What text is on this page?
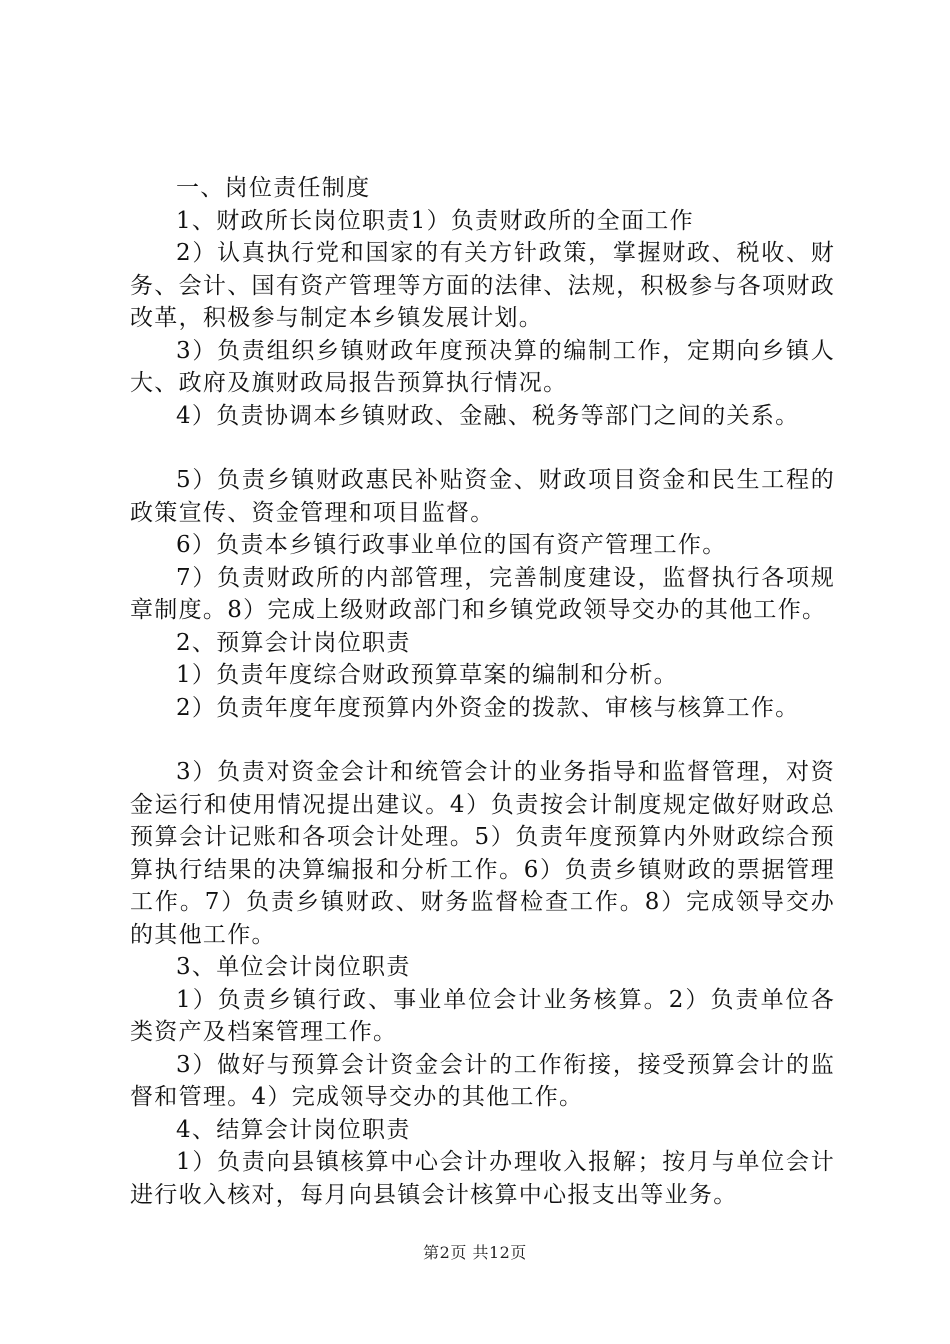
一、岗位责任制度

1、财政所长岗位职责1）负责财政所的全面工作

2）认真执行党和国家的有关方针政策，掌握财政、税收、财务、会计、国有资产管理等方面的法律、法规，积极参与各项财政改革，积极参与制定本乡镇发展计划。

3）负责组织乡镇财政年度预决算的编制工作，定期向乡镇人大、政府及旗财政局报告预算执行情况。

4）负责协调本乡镇财政、金融、税务等部门之间的关系。

5）负责乡镇财政惠民补贴资金、财政项目资金和民生工程的政策宣传、资金管理和项目监督。

6）负责本乡镇行政事业单位的国有资产管理工作。

7）负责财政所的内部管理，完善制度建设，监督执行各项规章制度。8）完成上级财政部门和乡镇党政领导交办的其他工作。

2、预算会计岗位职责

1）负责年度综合财政预算草案的编制和分析。

2）负责年度年度预算内外资金的拨款、审核与核算工作。

3）负责对资金会计和统管会计的业务指导和监督管理，对资金运行和使用情况提出建议。4）负责按会计制度规定做好财政总预算会计记账和各项会计处理。5）负责年度预算内外财政综合预算执行结果的决算编报和分析工作。6）负责乡镇财政的票据管理工作。7）负责乡镇财政、财务监督检查工作。8）完成领导交办的其他工作。

3、单位会计岗位职责

1）负责乡镇行政、事业单位会计业务核算。2）负责单位各类资产及档案管理工作。

3）做好与预算会计资金会计的工作衔接，接受预算会计的监督和管理。4）完成领导交办的其他工作。

4、结算会计岗位职责

1）负责向县镇核算中心会计办理收入报解；按月与单位会计进行收入核对，每月向县镇会计核算中心报支出等业务。

第2页 共12页
